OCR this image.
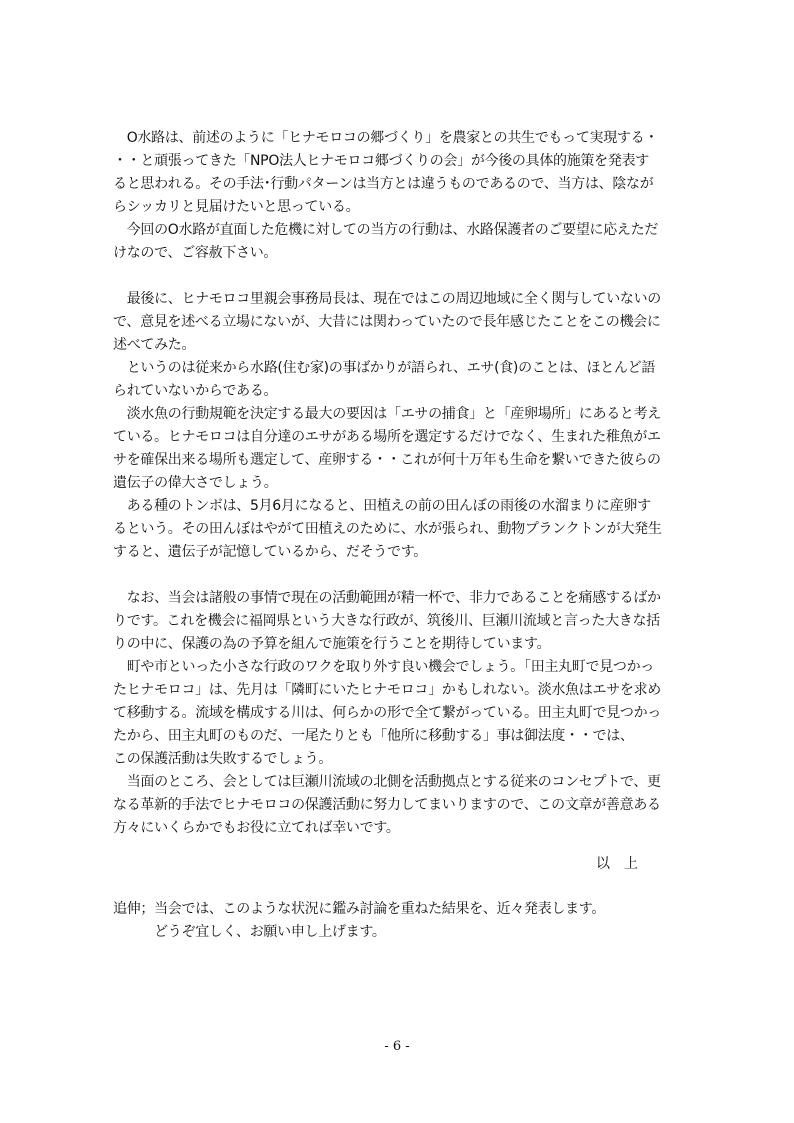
　O水路は、前述のように「ヒナモロコの郷づくり」を農家との共生でもって実現する・
・・と頑張ってきた「NPO法人ヒナモロコ郷づくりの会」が今後の具体的施策を発表す
ると思われる。その手法･行動パターンは当方とは違うものであるので、当方は、陰なが
らシッカリと見届けたいと思っている。
　今回のO水路が直面した危機に対しての当方の行動は、水路保護者のご要望に応えただ
けなので、ご容赦下さい。
　最後に、ヒナモロコ里親会事務局長は、現在ではこの周辺地域に全く関与していないの
で、意見を述べる立場にないが、大昔には関わっていたので長年感じたことをこの機会に
述べてみた。
　というのは従来から水路(住む家)の事ばかりが語られ、エサ(食)のことは、ほとんど語
られていないからである。
　淡水魚の行動規範を決定する最大の要因は「エサの捕食」と「産卵場所」にあると考え
ている。ヒナモロコは自分達のエサがある場所を選定するだけでなく、生まれた稚魚がエ
サを確保出来る場所も選定して、産卵する・・これが何十万年も生命を繋いできた彼らの
遺伝子の偉大さでしょう。
　ある種のトンボは、5月6月になると、田植えの前の田んぼの雨後の水溜まりに産卵す
るという。その田んぼはやがて田植えのために、水が張られ、動物プランクトンが大発生
すると、遺伝子が記憶しているから、だそうです。
　なお、当会は諸般の事情で現在の活動範囲が精一杯で、非力であることを痛感するばか
りです。これを機会に福岡県という大きな行政が、筑後川、巨瀬川流域と言った大きな括
りの中に、保護の為の予算を組んで施策を行うことを期待しています。
　町や市といった小さな行政のワクを取り外す良い機会でしょう。「田主丸町で見つかっ
たヒナモロコ」は、先月は「隣町にいたヒナモロコ」かもしれない。淡水魚はエサを求め
て移動する。流域を構成する川は、何らかの形で全て繋がっている。田主丸町で見つかっ
たから、田主丸町のものだ、一尾たりとも「他所に移動する」事は御法度・・では、
この保護活動は失敗するでしょう。
　当面のところ、会としては巨瀬川流域の北側を活動拠点とする従来のコンセプトで、更
なる革新的手法でヒナモロコの保護活動に努力してまいりますので、この文章が善意ある
方々にいくらかでもお役に立てれば幸いです。
以　上
追伸；当会では、このような状況に鑑み討論を重ねた結果を、近々発表します。
　　　どうぞ宜しく、お願い申し上げます。
- 6 -
